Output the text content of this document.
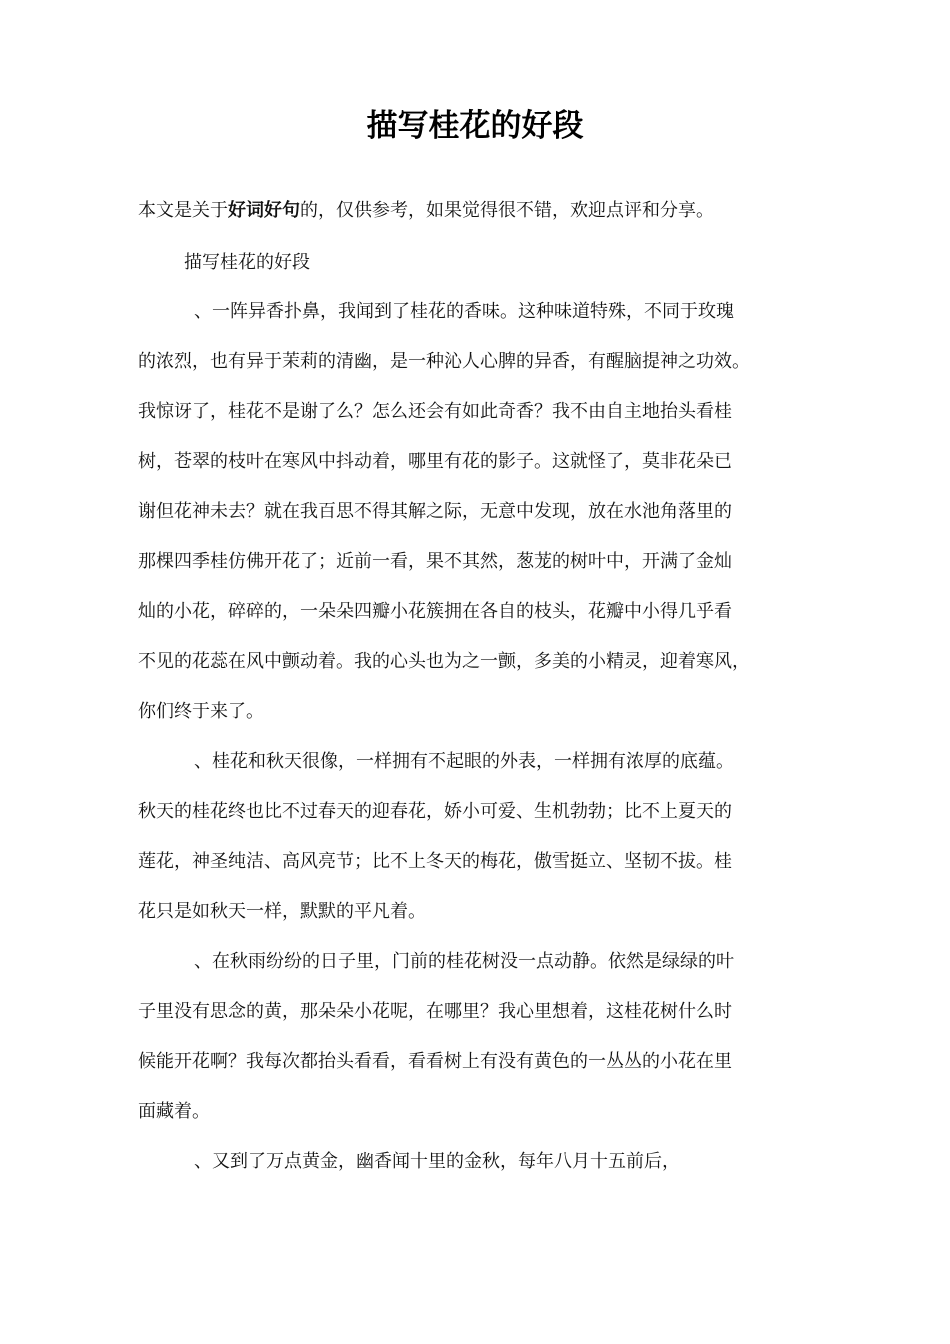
描写桂花的好段

本文是关于好词好句的，仅供参考，如果觉得很不错，欢迎点评和分享。

描写桂花的好段

、一阵异香扑鼻，我闻到了桂花的香味。这种味道特殊，不同于玫瑰
的浓烈，也有异于茉莉的清幽，是一种沁人心脾的异香，有醒脑提神之功效。
我惊讶了，桂花不是谢了么？怎么还会有如此奇香？我不由自主地抬头看桂
树，苍翠的枝叶在寒风中抖动着，哪里有花的影子。这就怪了，莫非花朵已
谢但花神未去？就在我百思不得其解之际，无意中发现，放在水池角落里的
那棵四季桂仿佛开花了；近前一看，果不其然，葱茏的树叶中，开满了金灿
灿的小花，碎碎的，一朵朵四瓣小花簇拥在各自的枝头，花瓣中小得几乎看
不见的花蕊在风中颤动着。我的心头也为之一颤，多美的小精灵，迎着寒风，
你们终于来了。
、桂花和秋天很像，一样拥有不起眼的外表，一样拥有浓厚的底蕴。
秋天的桂花终也比不过春天的迎春花，娇小可爱、生机勃勃；比不上夏天的
莲花，神圣纯洁、高风亮节；比不上冬天的梅花，傲雪挺立、坚韧不拔。桂
花只是如秋天一样，默默的平凡着。
、在秋雨纷纷的日子里，门前的桂花树没一点动静。依然是绿绿的叶
子里没有思念的黄，那朵朵小花呢，在哪里？我心里想着，这桂花树什么时
候能开花啊？我每次都抬头看看，看看树上有没有黄色的一丛丛的小花在里
面藏着。
、又到了万点黄金，幽香闻十里的金秋，每年八月十五前后，
